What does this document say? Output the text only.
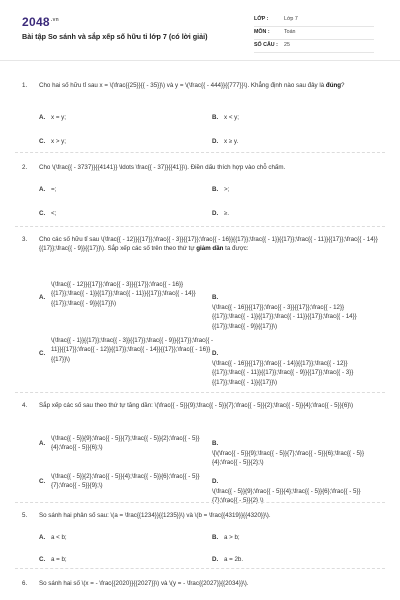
$2048^{.vn}$
Bài tập So sánh và sắp xếp số hữu tỉ lớp 7 (có lời giải)
LỚP :	Lớp 7
MÔN :	Toán
SỐ CÂU :	25
1.	Cho hai số hữu tỉ sau x = \(\frac{{25}}{{ - 35}}\) và y = \(\frac{{ - 444}}{{777}}\). Khẳng định nào sau đây là đúng?
A. x = y;	B. x < y;
C. x > y;	D. x ≥ y.
2.	Cho \(\frac{{ - 3737}}{{4141}} \ldots \frac{{ - 37}}{{41}}\). Điền dấu thích hợp vào chỗ chấm.
A. =;	B. >;
C. <;	D. ≥.
3.	Cho các số hữu tỉ sau \(\frac{{ - 12}}{{17}};\frac{{ - 3}}{{17}};\frac{{ - 16}}{{17}};\frac{{ - 1}}{{17}};\frac{{ - 11}}{{17}};\frac{{ - 14}}{{17}};\frac{{ - 9}}{{17}}\). Sắp xếp các số trên theo thứ tự giảm dần ta được:
A.\(\frac{{ - 12}}{{17}};\frac{{ - 3}}{{17}};\frac{{ - 16}}{{17}};\frac{{ - 1}}{{17}};\frac{{ - 11}}{{17}};\frac{{ - 14}}{{17}};\frac{{ - 9}}{{17}}\)
B.\(\frac{{ - 16}}{{17}};\frac{{ - 3}}{{17}};\frac{{ - 12}}{{17}};\frac{{ - 1}}{{17}};\frac{{ - 11}}{{17}};\frac{{ - 14}}{{17}};\frac{{ - 9}}{{17}}\)
C.\(\frac{{ - 1}}{{17}};\frac{{ - 3}}{{17}};\frac{{ - 9}}{{17}};\frac{{ - 11}}{{17}};\frac{{ - 12}}{{17}};\frac{{ - 14}}{{17}};\frac{{ - 16}}{{17}}\)
D.\(\frac{{ - 16}}{{17}};\frac{{ - 14}}{{17}};\frac{{ - 12}}{{17}};\frac{{ - 11}}{{17}};\frac{{ - 9}}{{17}};\frac{{ - 3}}{{17}};\frac{{ - 1}}{{17}}\)
4.	Sắp xếp các số sau theo thứ tự tăng dần: \(\frac{{ - 5}}{9};\frac{{ - 5}}{7};\frac{{ - 5}}{2};\frac{{ - 5}}{4};\frac{{ - 5}}{6}\)
A.\(\frac{{ - 5}}{9};\frac{{ - 5}}{7};\frac{{ - 5}}{2};\frac{{ - 5}}{4};\frac{{ - 5}}{6};\)
B.\[\(\frac{{ - 5}}{9};\frac{{ - 5}}{7};\frac{{ - 5}}{6};\frac{{ - 5}}{4};\frac{{ - 5}}{2};\)
C.\(\frac{{ - 5}}{2};\frac{{ - 5}}{4};\frac{{ - 5}}{6};\frac{{ - 5}}{7};\frac{{ - 5}}{9};\)
D.\(\frac{{ - 5}}{9};\frac{{ - 5}}{4};\frac{{ - 5}}{6};\frac{{ - 5}}{7};\frac{{ - 5}}{2} \)
5.	So sánh hai phân số sau: \(a = \frac{{1234}}{{1235}}\) và \(b = \frac{{4319}}{{4320}}\).
A. a < b;	B. a > b;
C. a = b;	D. a = 2b.
6.	So sánh hai số \(x = - \frac{{2020}}{{2027}}\) và \(y = - \frac{{2027}}{{2034}}\).
